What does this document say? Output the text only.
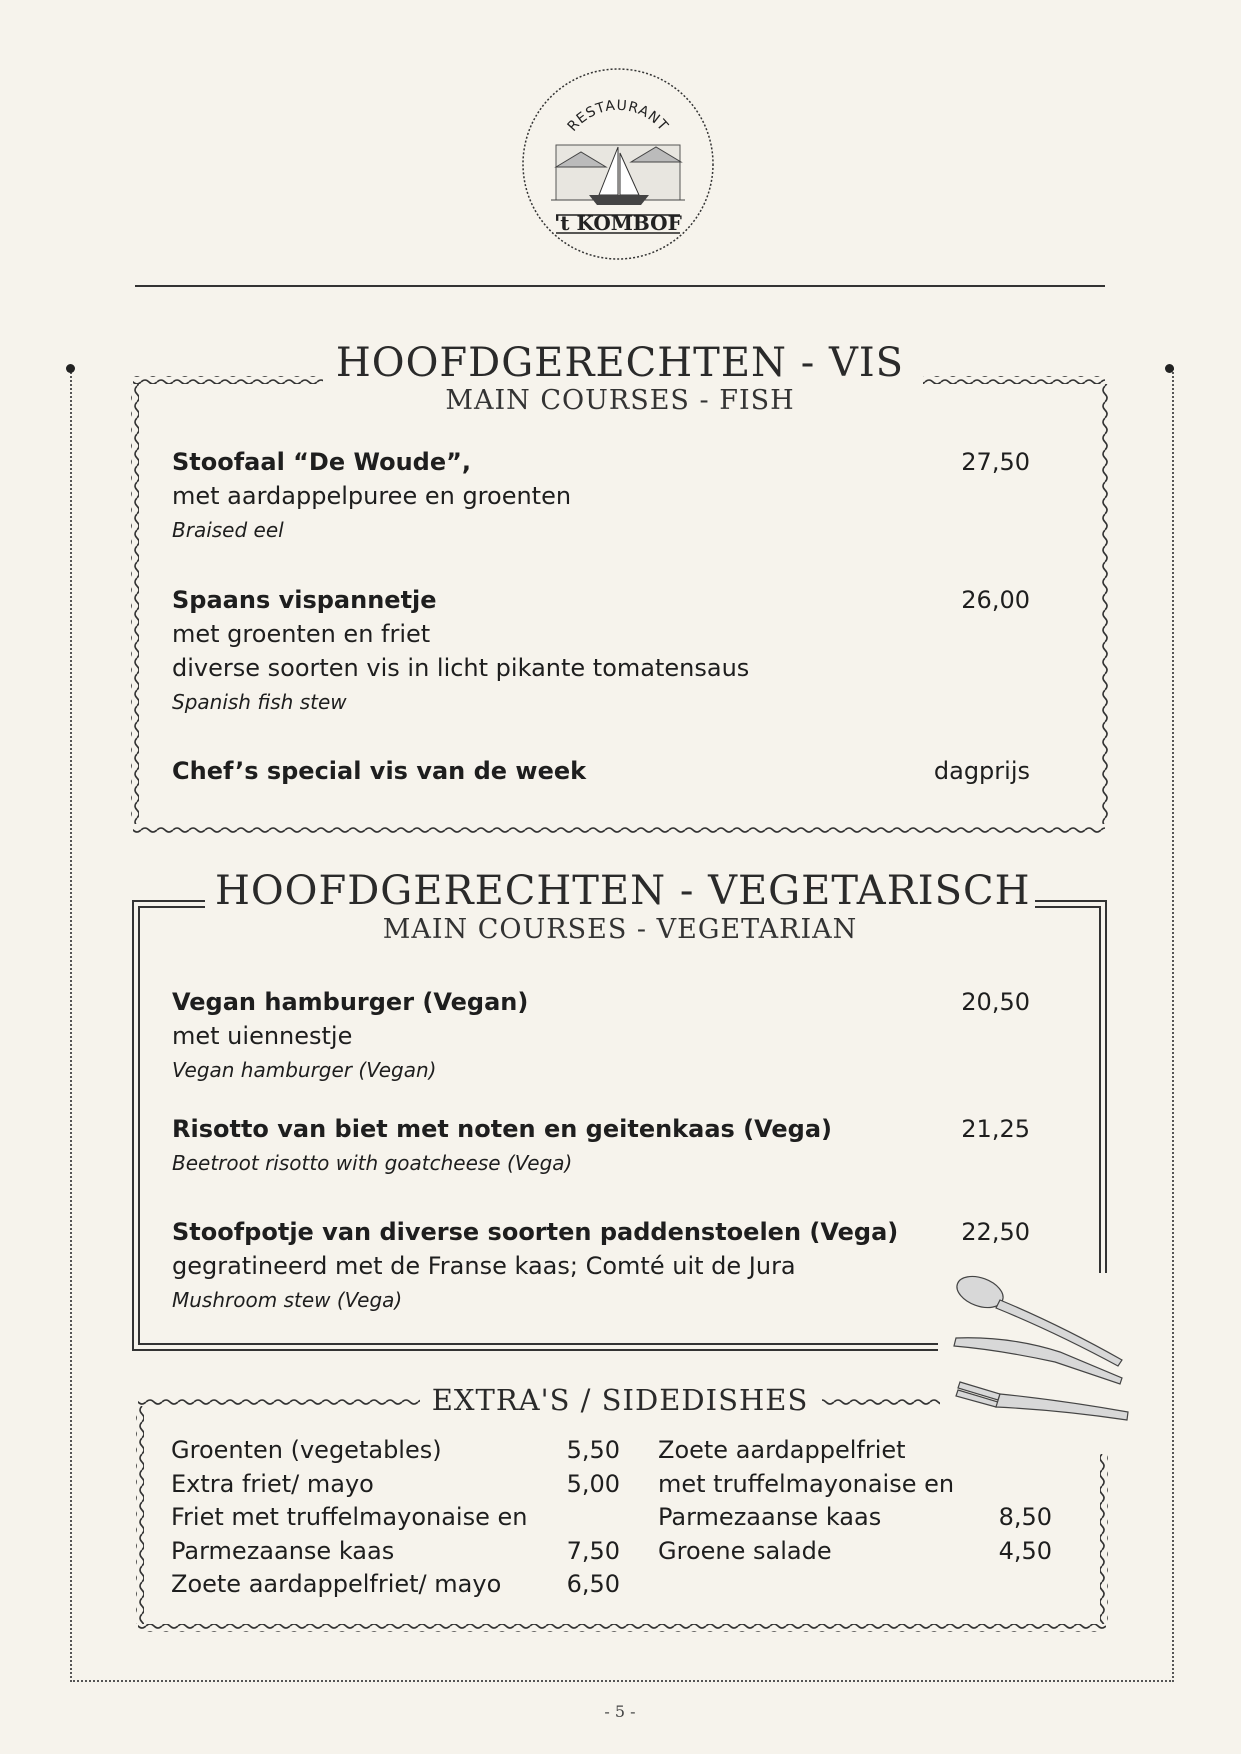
RESTAURANT
't KOMBOF
HOOFDGERECHTEN - VIS
MAIN COURSES - FISH
Stoofaal “De Woude”,	27,50
met aardappelpuree en groenten
Braised eel
Spaans vispannetje	26,00
met groenten en friet
diverse soorten vis in licht pikante tomatensaus
Spanish fish stew
Chef’s special vis van de week	dagprijs
HOOFDGERECHTEN - VEGETARISCH
MAIN COURSES - VEGETARIAN
Vegan hamburger (Vegan)	20,50
met uiennestje
Vegan hamburger (Vegan)
Risotto van biet met noten en geitenkaas (Vega)	21,25
Beetroot risotto with goatcheese (Vega)
Stoofpotje van diverse soorten paddenstoelen (Vega)	22,50
gegratineerd met de Franse kaas; Comté uit de Jura
Mushroom stew (Vega)
EXTRA'S / SIDEDISHES
Groenten (vegetables)	5,50
Extra friet/ mayo	5,00
Friet met truffelmayonaise en
Parmezaanse kaas	7,50
Zoete aardappelfriet/ mayo	6,50
Zoete aardappelfriet
met truffelmayonaise en
Parmezaanse kaas	8,50
Groene salade	4,50
- 5 -
